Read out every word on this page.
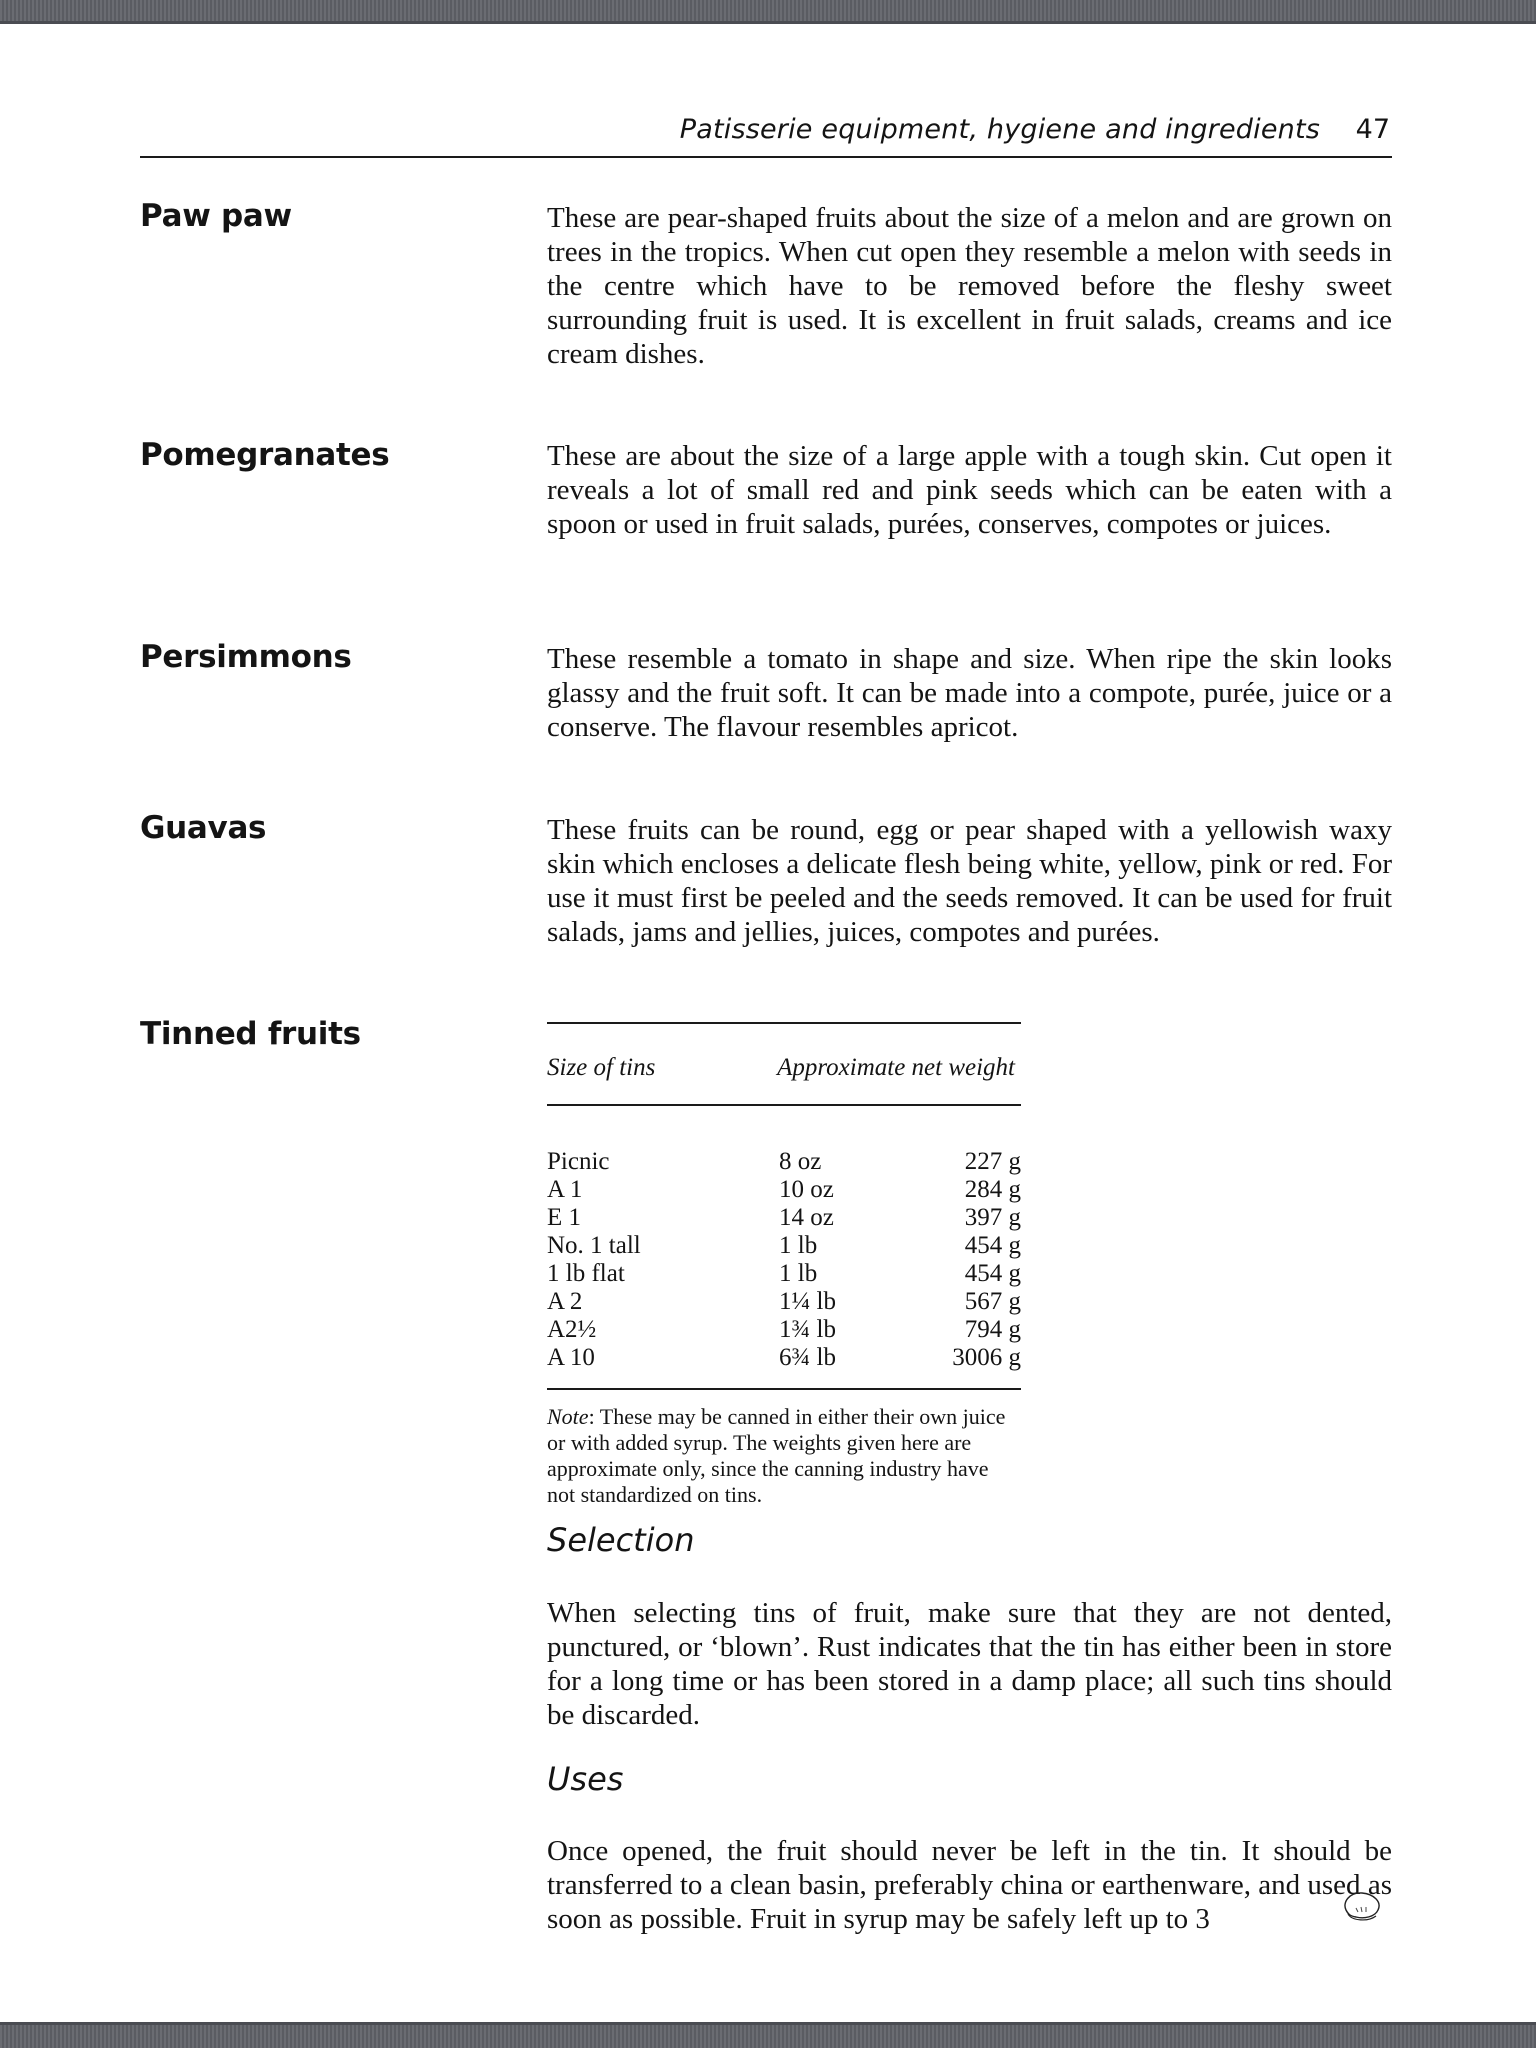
Patisserie equipment, hygiene and ingredients 47
Paw paw	These are pear-shaped fruits about the size of a melon and are grown on trees in the tropics. When cut open they resemble a melon with seeds in the centre which have to be removed before the fleshy sweet surrounding fruit is used. It is excellent in fruit salads, creams and ice cream dishes.

Pomegranates	These are about the size of a large apple with a tough skin. Cut open it reveals a lot of small red and pink seeds which can be eaten with a spoon or used in fruit salads, purées, conserves, compotes or juices.

Persimmons	These resemble a tomato in shape and size. When ripe the skin looks glassy and the fruit soft. It can be made into a compote, purée, juice or a conserve. The flavour resembles apricot.

Guavas	These fruits can be round, egg or pear shaped with a yellowish waxy skin which encloses a delicate flesh being white, yellow, pink or red. For use it must first be peeled and the seeds removed. It can be used for fruit salads, jams and jellies, juices, compotes and purées.

Tinned fruits
Size of tins	Approximate net weight
Picnic	8 oz	227 g
A 1	10 oz	284 g
E 1	14 oz	397 g
No. 1 tall	1 lb	454 g
1 lb flat	1 lb	454 g
A 2	1¼ lb	567 g
A2½	1¾ lb	794 g
A 10	6¾ lb	3006 g

Note: These may be canned in either their own juice or with added syrup. The weights given here are approximate only, since the canning industry have not standardized on tins.

Selection

When selecting tins of fruit, make sure that they are not dented, punctured, or ‘blown’. Rust indicates that the tin has either been in store for a long time or has been stored in a damp place; all such tins should be discarded.

Uses

Once opened, the fruit should never be left in the tin. It should be transferred to a clean basin, preferably china or earthenware, and used as soon as possible. Fruit in syrup may be safely left up to 3
